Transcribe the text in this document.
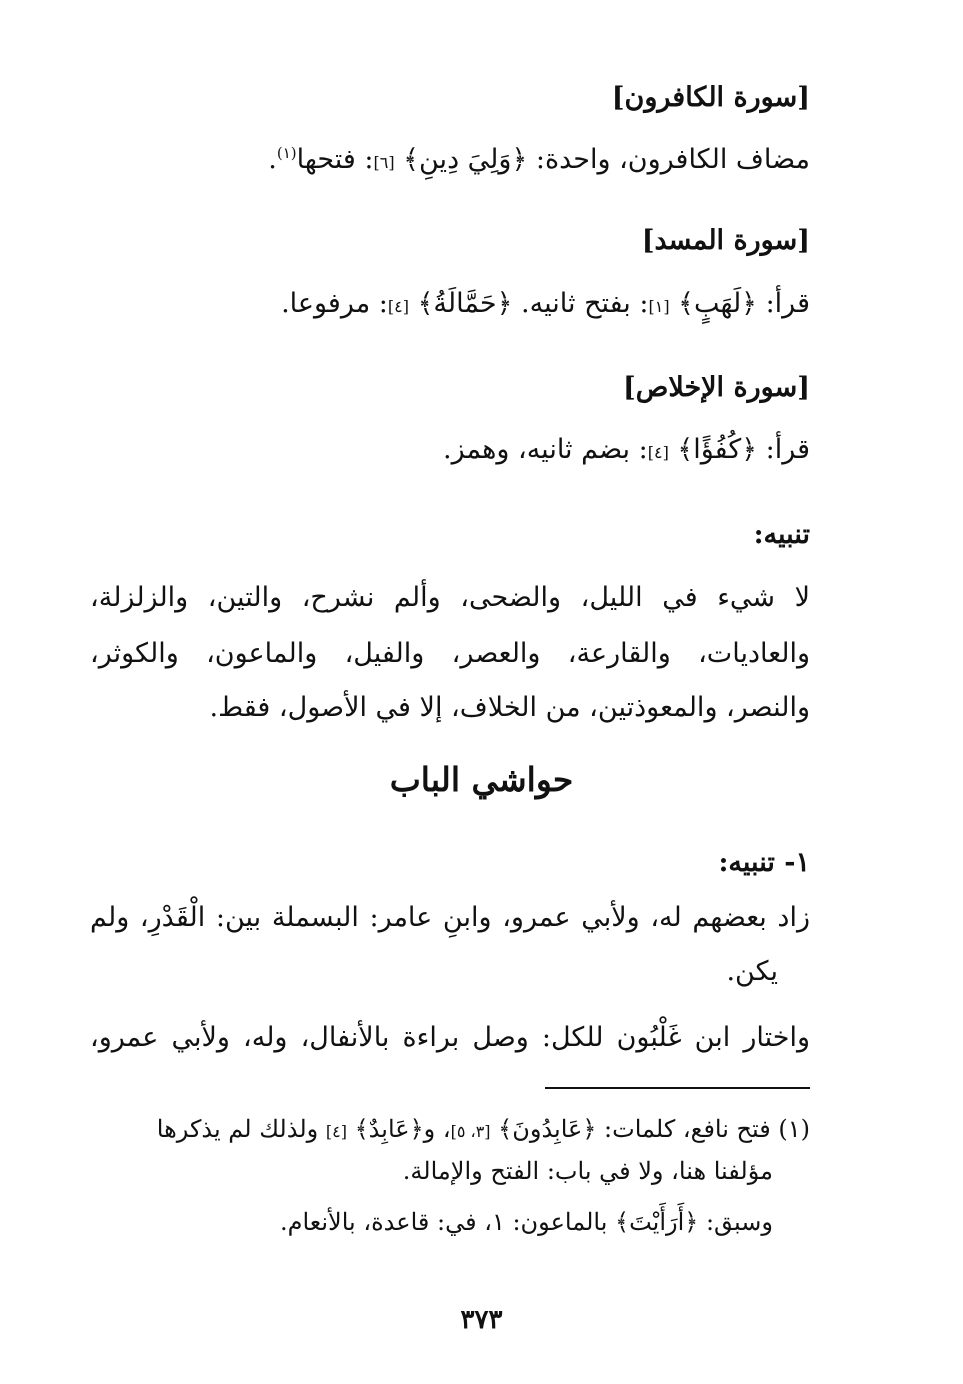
[سورة الكافرون]

مضاف الكافرون، واحدة: ﴿وَلِيَ دِينِ﴾ [٦]: فتحها$^{(١)}$.

[سورة المسد]

قرأ: ﴿لَهَبٍ﴾ [١]: بفتح ثانيه. ﴿حَمَّالَةُ﴾ [٤]: مرفوعا.

[سورة الإخلاص]

قرأ: ﴿كُفُؤًا﴾ [٤]: بضم ثانيه، وهمز.

تنبيه:

لا شيء في الليل، والضحى، وألم نشرح، والتين، والزلزلة،

والعاديات، والقارعة، والعصر، والفيل، والماعون، والكوثر،

والنصر، والمعوذتين، من الخلاف، إلا في الأصول، فقط.

حواشي الباب

١- تنبيه:

زاد بعضهم له، ولأبي عمرو، وابنِ عامر: البسملة بين: الْقَدْرِ، ولم

يكن.

واختار ابن غَلْبُون للكل: وصل براءة بالأنفال، وله، ولأبي عمرو،

(١) فتح نافع، كلمات: ﴿عَابِدُونَ﴾ [٣، ٥]، و﴿عَابِدٌ﴾ [٤] ولذلك لم يذكرها

مؤلفنا هنا، ولا في باب: الفتح والإمالة.

وسبق: ﴿أَرَأَيْتَ﴾ بالماعون: ١، في: قاعدة، بالأنعام.

٣٧٣
